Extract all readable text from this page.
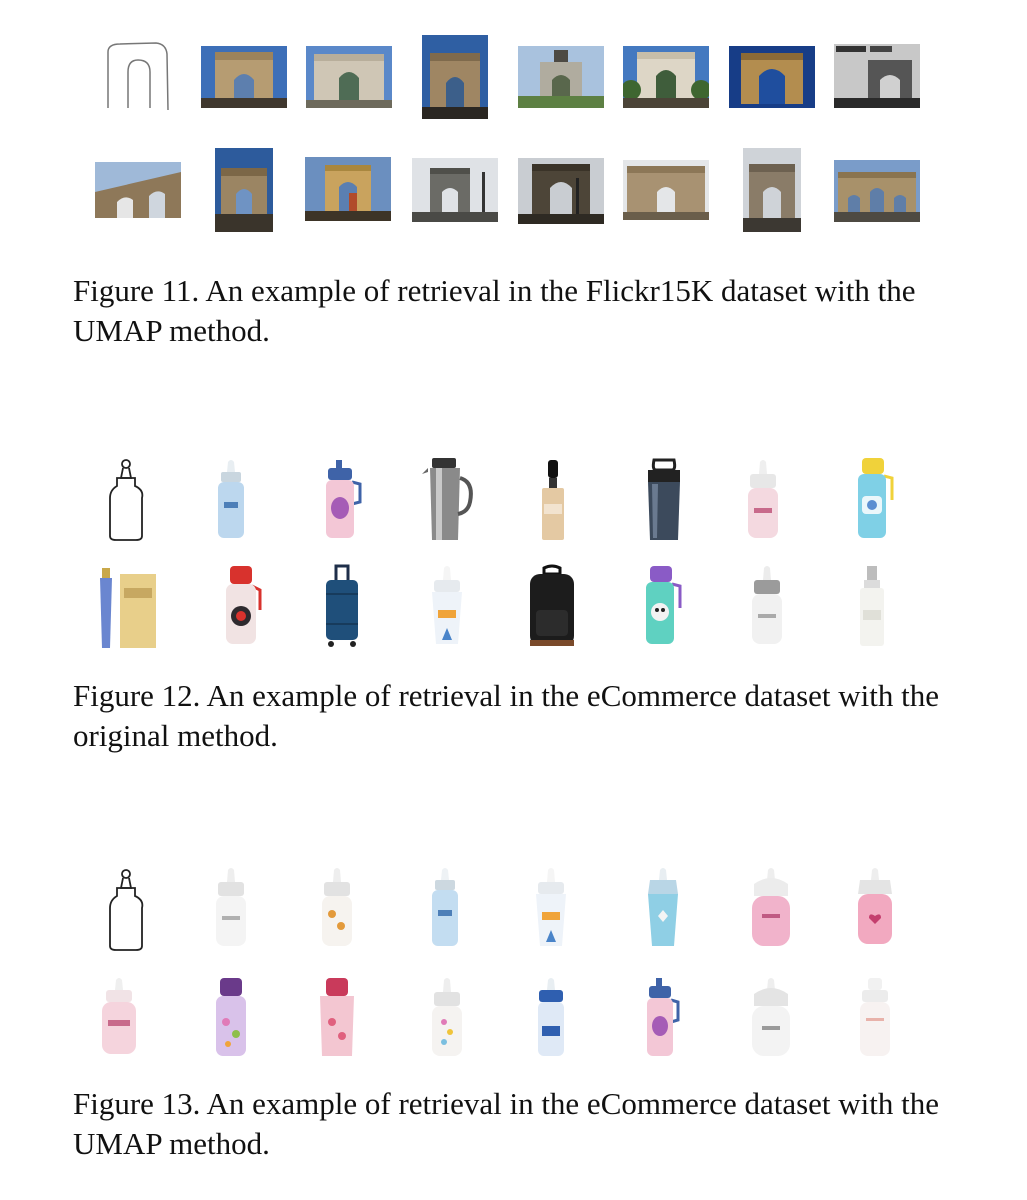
Figure 11. An example of retrieval in the Flickr15K dataset with the UMAP method.

Figure 12. An example of retrieval in the eCommerce dataset with the original method.

Figure 13. An example of retrieval in the eCommerce dataset with the UMAP method.
